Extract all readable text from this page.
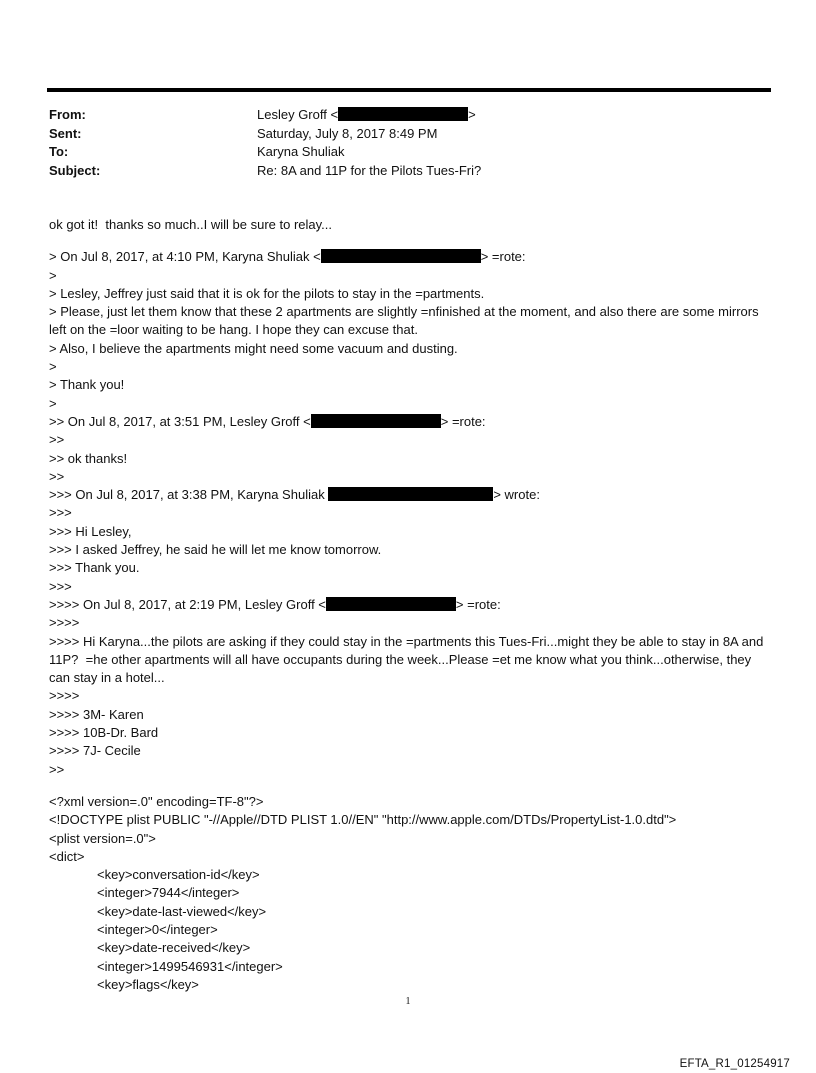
From:	Lesley Groff <	>
Sent:	Saturday, July 8, 2017 8:49 PM
To:	Karyna Shuliak
Subject:	Re: 8A and 11P for the Pilots Tues-Fri?

ok got it!  thanks so much..I will be sure to relay...

> On Jul 8, 2017, at 4:10 PM, Karyna Shuliak <	> =rote:

>

> Lesley, Jeffrey just said that it is ok for the pilots to stay in the =partments.

> Please, just let them know that these 2 apartments are slightly =nfinished at the moment, and also there are some mirrors left on the =loor waiting to be hang. I hope they can excuse that.

> Also, I believe the apartments might need some vacuum and dusting.

>

> Thank you!

>

>> On Jul 8, 2017, at 3:51 PM, Lesley Groff <	> =rote:

>>

>> ok thanks!

>>

>>> On Jul 8, 2017, at 3:38 PM, Karyna Shuliak	> wrote:

>>>

>>> Hi Lesley,

>>> I asked Jeffrey, he said he will let me know tomorrow.

>>> Thank you.

>>>

>>>> On Jul 8, 2017, at 2:19 PM, Lesley Groff <	> =rote:

>>>>

>>>> Hi Karyna...the pilots are asking if they could stay in the =partments this Tues-Fri...might they be able to stay in 8A and 11P?  =he other apartments will all have occupants during the week...Please =et me know what you think...otherwise, they can stay in a hotel...

>>>>

>>>> 3M- Karen

>>>> 10B-Dr. Bard

>>>> 7J- Cecile

>>

<?xml version=.0" encoding=TF-8"?>

<!DOCTYPE plist PUBLIC "-//Apple//DTD PLIST 1.0//EN" "http://www.apple.com/DTDs/PropertyList-1.0.dtd">

<plist version=.0">

<dict>

<key>conversation-id</key>

<integer>7944</integer>

<key>date-last-viewed</key>

<integer>0</integer>

<key>date-received</key>

<integer>1499546931</integer>

<key>flags</key>

1
EFTA_R1_01254917
